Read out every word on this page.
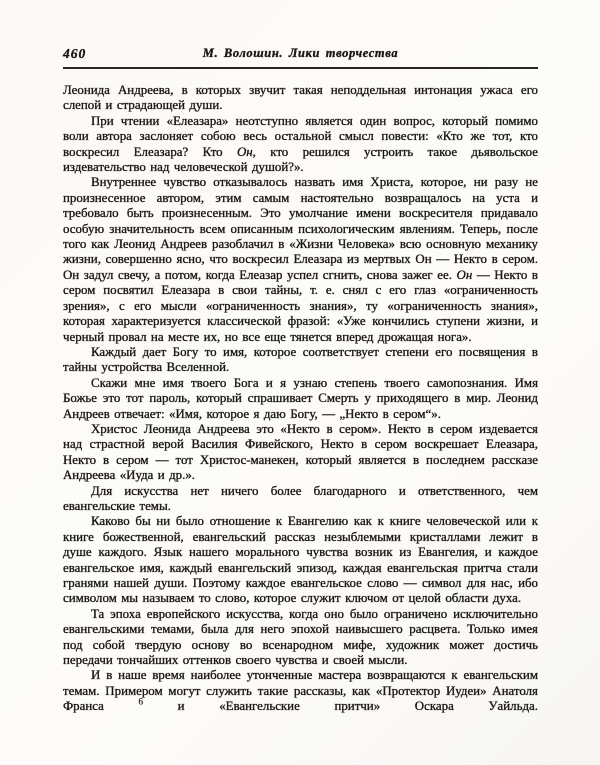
460	М. Волошин. Лики творчества

Леонида Андреева, в которых звучит такая неподдельная интонация ужаса его слепой и страдающей души.

При чтении «Елеазара» неотступно является один вопрос, который помимо воли автора заслоняет собою весь остальной смысл повести: «Кто же тот, кто воскресил Елеазара? Кто Он, кто решился устроить такое дьявольское издевательство над человеческой душой?».

Внутреннее чувство отказывалось назвать имя Христа, которое, ни разу не произнесенное автором, этим самым настоятельно возвращалось на уста и требовало быть произнесенным. Это умолчание имени воскресителя придавало особую значительность всем описанным психологическим явлениям. Теперь, после того как Леонид Андреев разоблачил в «Жизни Человека» всю основную механику жизни, совершенно ясно, что воскресил Елеазара из мертвых Он — Некто в сером. Он задул свечу, а потом, когда Елеазар успел сгнить, снова зажег ее. Он — Некто в сером посвятил Елеазара в свои тайны, т. е. снял с его глаз «ограниченность зрения», с его мысли «ограниченность знания», ту «ограниченность знания», которая характеризуется классической фразой: «Уже кончились ступени жизни, и черный провал на месте их, но все еще тянется вперед дрожащая нога».

Каждый дает Богу то имя, которое соответствует степени его посвящения в тайны устройства Вселенной.

Скажи мне имя твоего Бога и я узнаю степень твоего самопознания. Имя Божье это тот пароль, который спрашивает Смерть у приходящего в мир. Леонид Андреев отвечает: «Имя, которое я даю Богу, — „Некто в сером“».

Христос Леонида Андреева это «Некто в сером». Некто в сером издевается над страстной верой Василия Фивейского, Некто в сером воскрешает Елеазара, Некто в сером — тот Христос-манекен, который является в последнем рассказе Андреева «Иуда и др.».

Для искусства нет ничего более благодарного и ответственного, чем евангельские темы.

Каково бы ни было отношение к Евангелию как к книге человеческой или к книге божественной, евангельский рассказ незыблемыми кристаллами лежит в душе каждого. Язык нашего морального чувства возник из Евангелия, и каждое евангельское имя, каждый евангельский эпизод, каждая евангельская притча стали гранями нашей души. Поэтому каждое евангельское слово — символ для нас, ибо символом мы называем то слово, которое служит ключом от целой области духа.

Та эпоха европейского искусства, когда оно было ограничено исключительно евангельскими темами, была для него эпохой наивысшего расцвета. Только имея под собой твердую основу во всенародном мифе, художник может достичь передачи тончайших оттенков своего чувства и своей мысли.

И в наше время наиболее утонченные мастера возвращаются к евангельским темам. Примером могут служить такие рассказы, как «Протектор Иудеи» Анатоля Франса $^6$ и «Евангельские притчи» Оскара Уайльда.
